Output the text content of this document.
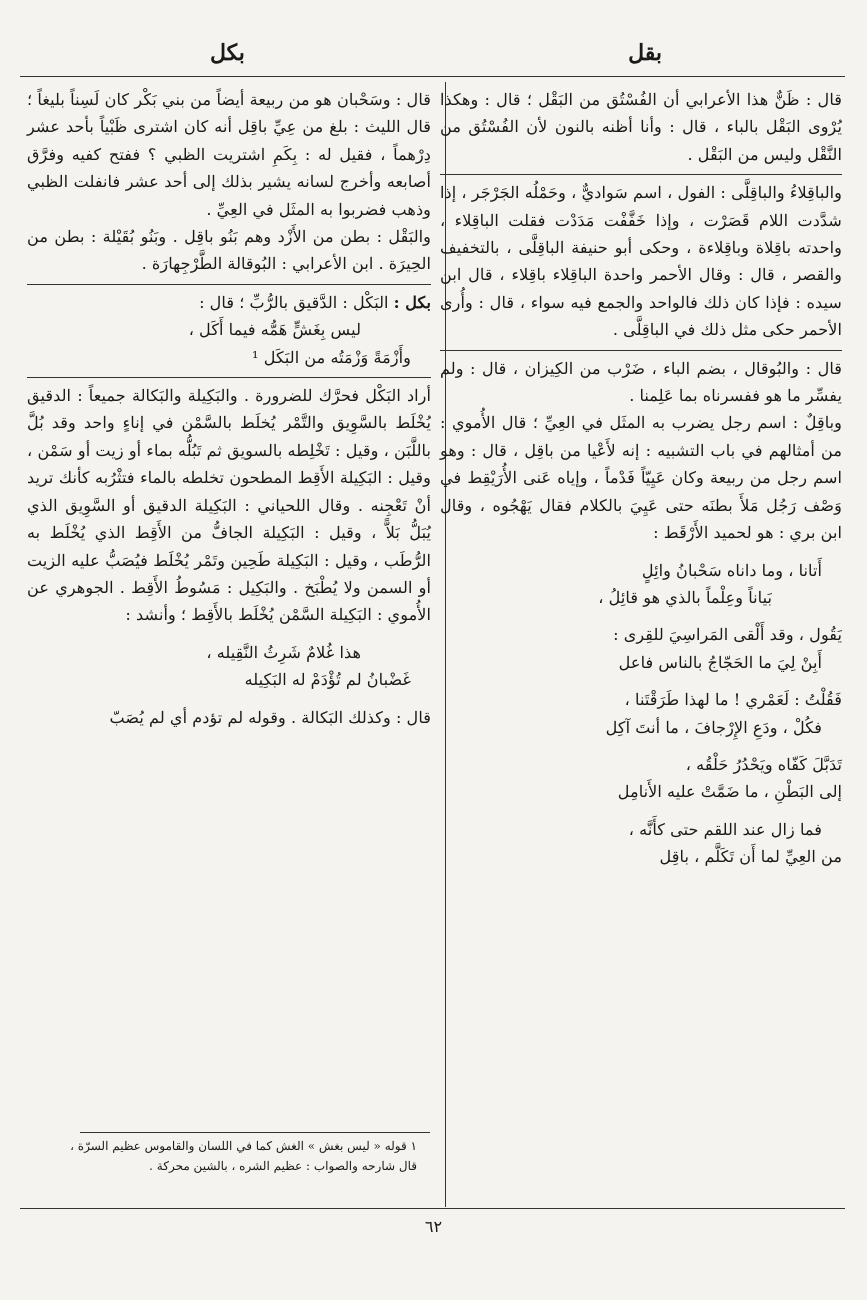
بقل
بكل

قال : ظَنٌّ هذا الأعرابي أن الفُسْتُق من البَقْل ؛ قال : وهكذا يُرْوى البَقْل بالباء ، قال : وأنا أظنه بالنون لأن الفُسْتُق من النَّقْل وليس من البَقْل .

والباقِلاءُ والباقِلَّى : الفول ، اسم سَواديٌّ ، وحَمْلُه الجَرْجَر ، إذا شدَّدت اللام قَصَرْت ، وإذا خَفَّفْت مَدَدْت فقلت الباقِلاء ، واحدته باقِلاة وباقِلاءة ، وحكى أبو حنيفة الباقِلَّى ، بالتخفيف والقصر ، قال : وقال الأحمر واحدة الباقِلاء باقِلاء ، قال ابن سيده : فإذا كان ذلك فالواحد والجمع فيه سواء ، قال : وأُرى الأحمر حكى مثل ذلك في الباقِلَّى .

قال : والبُوقال ، بضم الباء ، ضَرْب من الكِيزان ، قال : ولم يفسِّر ما هو ففسرناه بما عَلِمنا .

وباقِلٌ : اسم رجل يضرب به المثَل في العِيِّ ؛ قال الأُموي : من أمثالهم في باب التشبيه : إنه لأَعْيا من باقِل ، قال : وهو اسم رجل من ربيعة وكان عَيِيّاً فَدْماً ، وإياه عَنى الأُرَيْقِط في وَصْف رَجُل مَلأَ بطنَه حتى عَيِيَ بالكلام فقال يَهْجُوه ، وقال ابن بري : هو لحميد الأَرْقَط :

أَتانا ، وما داناه سَحْبانُ وائِلٍ
بَياناً وعِلْماً بالذي هو قائِلُ ،

يَقُول ، وقد أَلْقى المَراسِيَ للقِرى :

أَبِنْ لِيَ ما الحَجّاجُ بالناس فاعل

فَقُلْتُ : لَعَمْري ! ما لهذا طَرَقْتَنا ،

فكُلْ ، ودَعِ الإِرْجافَ ، ما أنتَ آكِل
تَدَبَّلَ كَفّاه ويَحْدُرُ حَلْقُه ،
إلى البَطْنِ ، ما ضَمَّتْ عليه الأَنامِل
فما زال عند اللقم حتى كأَنَّه ،
من العِيِّ لما أَن تَكَلَّم ، باقِل

قال : وسَحْبان هو من ربيعة أيضاً من بني بَكْر كان لَسِناً بليغاً ؛ قال الليث : بلغ من عِيِّ باقِل أنه كان اشترى ظَبْياً بأحد عشر دِرْهماً ، فقيل له : بِكَمِ اشتريت الظبي ؟ ففتح كفيه وفرَّق أصابعه وأخرج لسانه يشير بذلك إلى أحد عشر فانفلت الظبي وذهب فضربوا به المثَل في العِيِّ .

والبَقْل : بطن من الأَزْد وهم بَنُو باقِل . وبَنُو بُقَيْلة : بطن من الحِيرَة . ابن الأعرابي : البُوقالة الطَّرْجِهارَة .

بكل : البَكْل : الدَّقيق بالرُّبِّ ؛ قال :

ليس بِغَشٍّ هَمُّه فيما أَكَل ،
وأَزْمَةً وَزْمَتُه من البَكَل ¹

أراد البَكْل فحرَّك للضرورة . والبَكِيلة والبَكالة جميعاً : الدقيق يُخْلَط بالسَّوِيق والتَّمْر يُخلَط بالسَّمْن في إناءٍ واحد وقد بُلَّ باللَّبَن ، وقيل : تَخْلِطه بالسويق ثم تَبُلُّه بماء أو زيت أو سَمْن ، وقيل : البَكِيلة الأَقِط المطحون تخلطه بالماء فتثْرُبه كأنك تريد أنْ تَعْجِنه . وقال اللحياني : البَكِيلة الدقيق أو السَّوِيق الذي يُبَلُّ بَلاًّ ، وقيل : البَكِيلة الجافُّ من الأَقِط الذي يُخْلَط به الرُّطَب ، وقيل : البَكِيلة طَحِين وتَمْر يُخْلَط فيُصَبُّ عليه الزيت أو السمن ولا يُطْبَخ . والبَكِيل : مَسُوطُ الأَقِط . الجوهري عن الأُموي : البَكِيلة السَّمْن يُخْلَط بالأَقِط ؛ وأنشد :

هذا غُلامٌ شَرِثُ النَّقِيله ،
غَضْبانُ لم تُؤْدَمْ له البَكِيله

قال : وكذلك البَكالة . وقوله لم تؤدم أي لم يُصَبّ

١ قوله « ليس بغش » الغش كما في اللسان والقاموس عظيم السرّة ،
قال شارحه والصواب : عظيم الشره ، بالشين محركة .
٦٢
